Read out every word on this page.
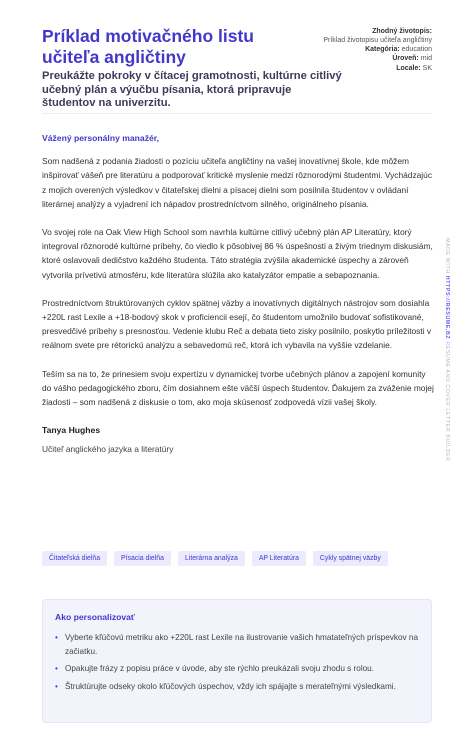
Príklad motivačného listu učiteľa angličtiny

Preukážte pokroky v čítacej gramotnosti, kultúrne citlivý učebný plán a výučbu písania, ktorá pripravuje študentov na univerzitu.

Zhodný životopis:
Príklad životopisu učiteľa angličtiny
Kategória: education
Úroveň: mid
Locale: SK

Vážený personálny manažér,

Som nadšená z podania žiadosti o pozíciu učiteľa angličtiny na vašej inovatívnej škole, kde môžem inšpirovať vášeň pre literatúru a podporovať kritické myslenie medzi rôznorodými študentmi. Vychádzajúc z mojich overených výsledkov v čitateľskej dielni a písacej dielni som posilnila študentov v ovládaní literárnej analýzy a vyjadrení ich nápadov prostredníctvom silného, originálneho písania.

Vo svojej role na Oak View High School som navrhla kultúrne citlivý učebný plán AP Literatúry, ktorý integroval rôznorodé kultúrne príbehy, čo viedlo k pôsobivej 86 % úspešnosti a živým triednym diskusiám, ktoré oslavovali dedičstvo každého študenta. Táto stratégia zvýšila akademické úspechy a zároveň vytvorila prívetivú atmosféru, kde literatúra slúžila ako katalyzátor empatie a sebapoznania.

Prostredníctvom štruktúrovaných cyklov spätnej väzby a inovatívnych digitálnych nástrojov som dosiahla +220L rast Lexile a +18-bodový skok v proficiencii esejí, čo študentom umožnilo budovať sofistikované, presvedčivé príbehy s presnosťou. Vedenie klubu Reč a debata tieto zisky posilnilo, poskytlo príležitosti v reálnom svete pre rétorickú analýzu a sebavedomú reč, ktorá ich vybavila na vyššie vzdelanie.

Teším sa na to, že prinesiem svoju expertízu v dynamickej tvorbe učebných plánov a zapojení komunity do vášho pedagogického zboru, čím dosiahnem ešte väčší úspech študentov. Ďakujem za zváženie mojej žiadosti – som nadšená z diskusie o tom, ako moja skúsenosť zodpovedá vízii vašej školy.

Tanya Hughes

Učiteľ anglického jazyka a literatúry

Čitateľská dielňa	Písacia dielňa	Literárna analýza	AP Literatúra	Cykly spätnej väzby
Ako personalizovať
• Vyberte kľúčovú metriku ako +220L rast Lexile na ilustrovanie vašich hmatateľných príspevkov na začiatku.
• Opakujte frázy z popisu práce v úvode, aby ste rýchlo preukázali svoju zhodu s rolou.
• Štruktúrujte odseky okolo kľúčových úspechov, vždy ich spájajte s merateľnými výsledkami.
MADE WITH HTTPS://RESUME.BZ RESUME AND COVER LETTER BUILDER
